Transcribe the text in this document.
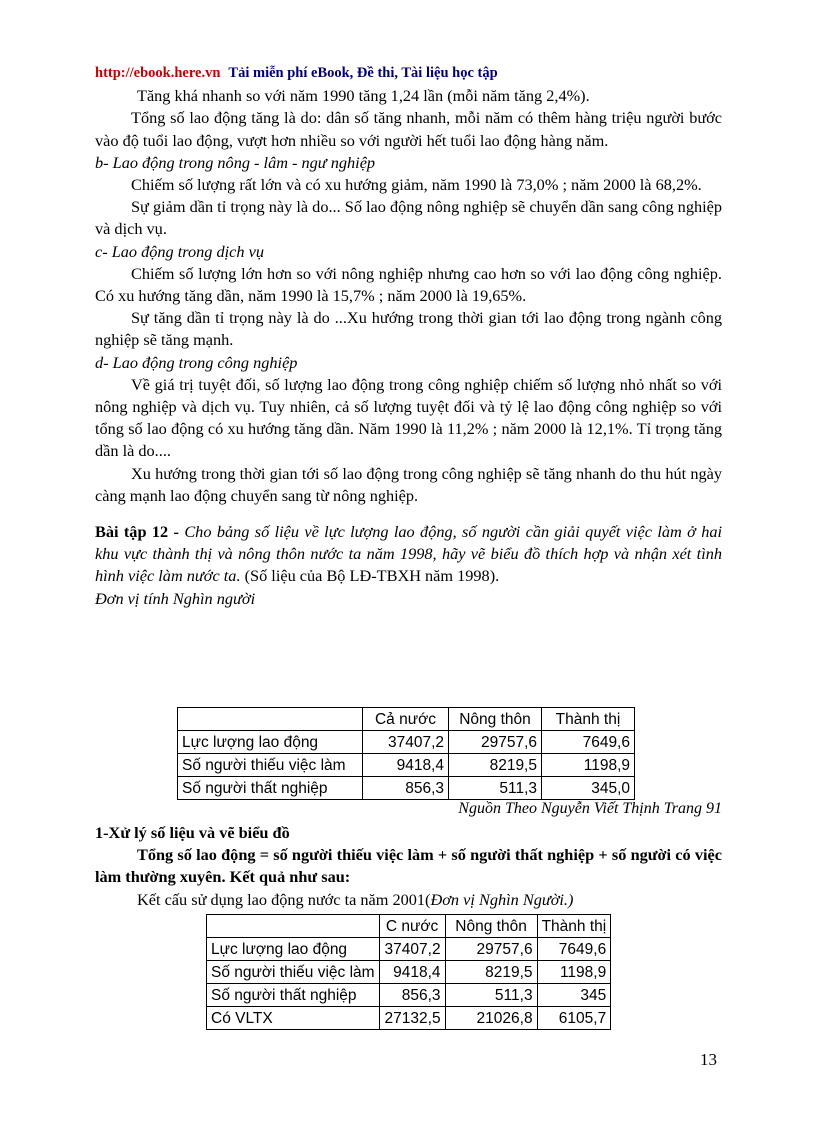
http://ebook.here.vn Tải miễn phí eBook, Đề thi, Tài liệu học tập

Tăng khá nhanh so với năm 1990 tăng 1,24 lần (mỗi năm tăng 2,4%).

Tổng số lao động tăng là do: dân số tăng nhanh, mỗi năm có thêm hàng triệu người bước vào độ tuổi lao động, vượt hơn nhiều so với người hết tuổi lao động hàng năm.

b- Lao động trong nông - lâm - ngư nghiệp

Chiếm số lượng rất lớn và có xu hướng giảm, năm 1990 là 73,0% ; năm 2000 là 68,2%.

Sự giảm dần tỉ trọng này là do... Số lao động nông nghiệp sẽ chuyển dần sang công nghiệp và dịch vụ.

c- Lao động trong dịch vụ

Chiếm số lượng lớn hơn so với nông nghiệp nhưng cao hơn so với lao động công nghiệp. Có xu hướng tăng dần, năm 1990 là 15,7% ; năm 2000 là 19,65%.

Sự tăng dần tỉ trọng này là do ...Xu hướng trong thời gian tới lao động trong ngành công nghiệp sẽ tăng mạnh.

d- Lao động trong công nghiệp

Về giá trị tuyệt đối, số lượng lao động trong công nghiệp chiếm số lượng nhỏ nhất so với nông nghiệp và dịch vụ. Tuy nhiên, cả số lượng tuyệt đối và tỷ lệ lao động công nghiệp so với tổng số lao động có xu hướng tăng dần. Năm 1990 là 11,2% ; năm 2000 là 12,1%. Tỉ trọng tăng dần là do....

Xu hướng trong thời gian tới số lao động trong công nghiệp sẽ tăng nhanh do thu hút ngày càng mạnh lao động chuyển sang từ nông nghiệp.

Bài tập 12 - Cho bảng số liệu về lực lượng lao động, số người cần giải quyết việc làm ở hai khu vực thành thị và nông thôn nước ta năm 1998, hãy vẽ biểu đồ thích hợp và nhận xét tình hình việc làm nước ta. (Số liệu của Bộ LĐ-TBXH năm 1998).

Đơn vị tính Nghìn người

	Cả nước	Nông thôn	Thành thị
Lực lượng lao động	37407,2	29757,6	7649,6
Số người thiếu việc làm	9418,4	8219,5	1198,9
Số người thất nghiệp	856,3	511,3	345,0
Nguồn Theo Nguyễn Viết Thịnh Trang 91

1-Xử lý số liệu và vẽ biểu đồ

Tổng số lao động = số người thiếu việc làm + số người thất nghiệp + số người có việc làm thường xuyên. Kết quả như sau:

Kết cấu sử dụng lao động nước ta năm 2001(Đơn vị Nghìn Người.)

	C nước	Nông thôn	Thành thị
Lực lượng lao động	37407,2	29757,6	7649,6
Số người thiếu việc làm	9418,4	8219,5	1198,9
Số người thất nghiệp	856,3	511,3	345
Có VLTX	27132,5	21026,8	6105,7
13
